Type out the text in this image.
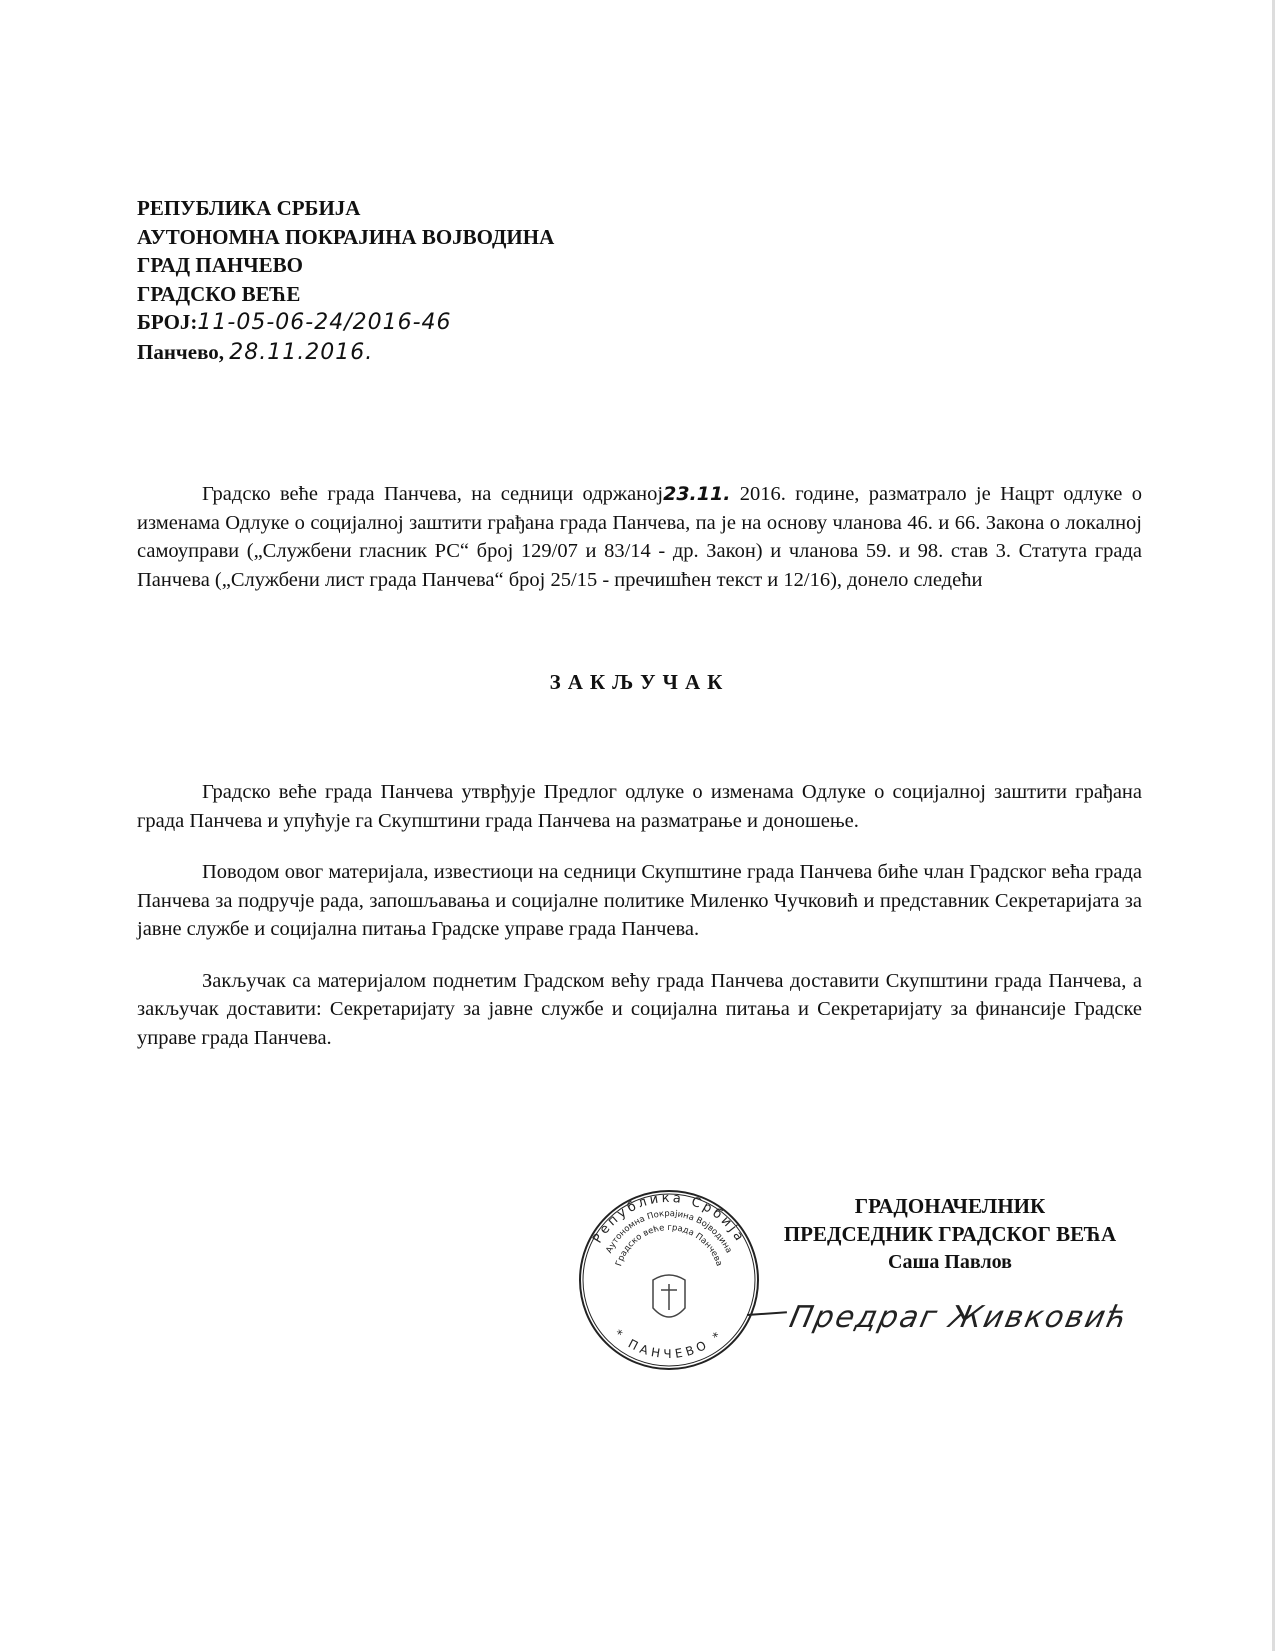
РЕПУБЛИКА СРБИЈА
АУТОНОМНА ПОКРАЈИНА ВОЈВОДИНА
ГРАД ПАНЧЕВО
ГРАДСКО ВЕЋЕ
БРОЈ:11-05-06-24/2016-46
Панчево, 28.11.2016.

Градско веће града Панчева, на седници одржаној23.11. 2016. године, разматрало је Нацрт одлуке о изменама Одлуке о социјалној заштити грађана града Панчева, па је на основу чланова 46. и 66. Закона о локалној самоуправи („Службени гласник РС“ број 129/07 и 83/14 - др. Закон) и чланова 59. и 98. став 3. Статута града Панчева („Службени лист града Панчева“ број 25/15 - пречишћен текст и 12/16), донело следећи

ЗАКЉУЧАК

Градско веће града Панчева утврђује Предлог одлуке о изменама Одлуке о социјалној заштити грађана града Панчева и упућује га Скупштини града Панчева на разматрање и доношење.

Поводом овог материјала, известиоци на седници Скупштине града Панчева биће члан Градског већа града Панчева за подручје рада, запошљавања и социјалне политике Миленко Чучковић и представник Секретаријата за јавне службе и социјална питања Градске управе града Панчева.

Закључак са материјалом поднетим Градском већу града Панчева доставити Скупштини града Панчева, а закључак доставити: Секретаријату за јавне службе и социјална питања и Секретаријату за финансије Градске управе града Панчева.

Република Србија
Аутономна Покрајина Војводина
Градско веће града Панчева
* ПАНЧЕВО *
ГРАДОНАЧЕЛНИК
ПРЕДСЕДНИК ГРАДСКОГ ВЕЋА
Саша Павлов
Предраг Живковић
